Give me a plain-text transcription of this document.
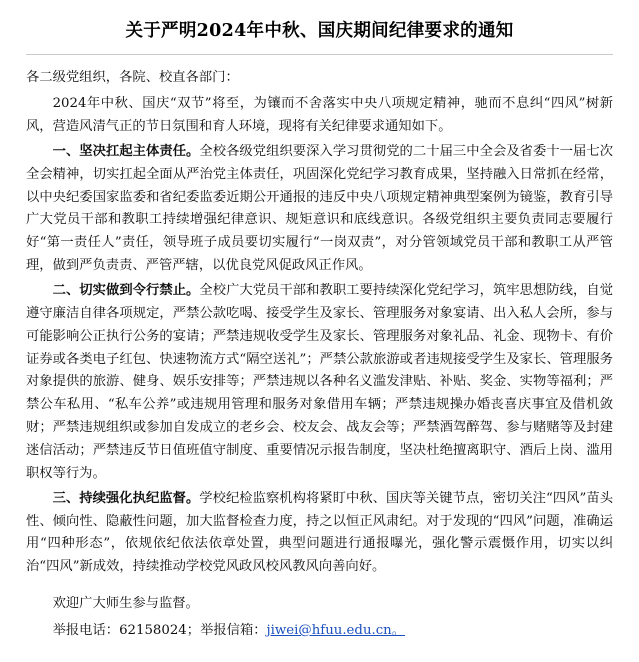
关于严明2024年中秋、国庆期间纪律要求的通知

各二级党组织，各院、校直各部门：

2024年中秋、国庆“双节”将至，为镶而不舍落实中央八项规定精神，驰而不息纠“四风”树新风，营造风清气正的节日氛围和育人环境，现将有关纪律要求通知如下。

一、坚决扛起主体责任。全校各级党组织要深入学习贯彻党的二十届三中全会及省委十一届七次全会精神，切实扛起全面从严治党主体责任，巩固深化党纪学习教育成果，坚持融入日常抓在经常，以中央纪委国家监委和省纪委监委近期公开通报的违反中央八项规定精神典型案例为镜鉴，教育引导广大党员干部和教职工持续增强纪律意识、规矩意识和底线意识。各级党组织主要负责同志要履行好“第一责任人”责任，领导班子成员要切实履行“一岗双责”，对分管领域党员干部和教职工从严管理，做到严负责责、严管严辖，以优良党风促政风正作风。

二、切实做到令行禁止。全校广大党员干部和教职工要持续深化党纪学习，筑牢思想防线，自觉遵守廉洁自律各项规定，严禁公款吃喝、接受学生及家长、管理服务对象宴请、出入私人会所，参与可能影响公正执行公务的宴请；严禁违规收受学生及家长、管理服务对象礼品、礼金、现物卡、有价证券或各类电子红包、快速物流方式“隔空送礼”；严禁公款旅游或者违规接受学生及家长、管理服务对象提供的旅游、健身、娱乐安排等；严禁违规以各种名义滥发津贴、补贴、奖金、实物等福利；严禁公车私用、“私车公养”或违规用管理和服务对象借用车辆；严禁违规操办婚丧喜庆事宜及借机敛财；严禁违规组织或参加自发成立的老乡会、校友会、战友会等；严禁酒驾醉驾、参与赌赌等及封建迷信活动；严禁违反节日值班值守制度、重要情况示报告制度，坚决杜绝擅离职守、酒后上岗、滥用职权等行为。

三、持续强化执纪监督。学校纪检监察机构将紧盯中秋、国庆等关键节点，密切关注“四风”苗头性、倾向性、隐蔽性问题，加大监督检查力度，持之以恒正风肃纪。对于发现的“四风”问题，准确运用“四种形态”，依规依纪依法依章处置，典型问题进行通报曝光，强化警示震慑作用，切实以纠治“四风”新成效，持续推动学校党风政风校风教风向善向好。

欢迎广大师生参与监督。

举报电话：62158024；举报信箱：jiwei@hfuu.edu.cn。
